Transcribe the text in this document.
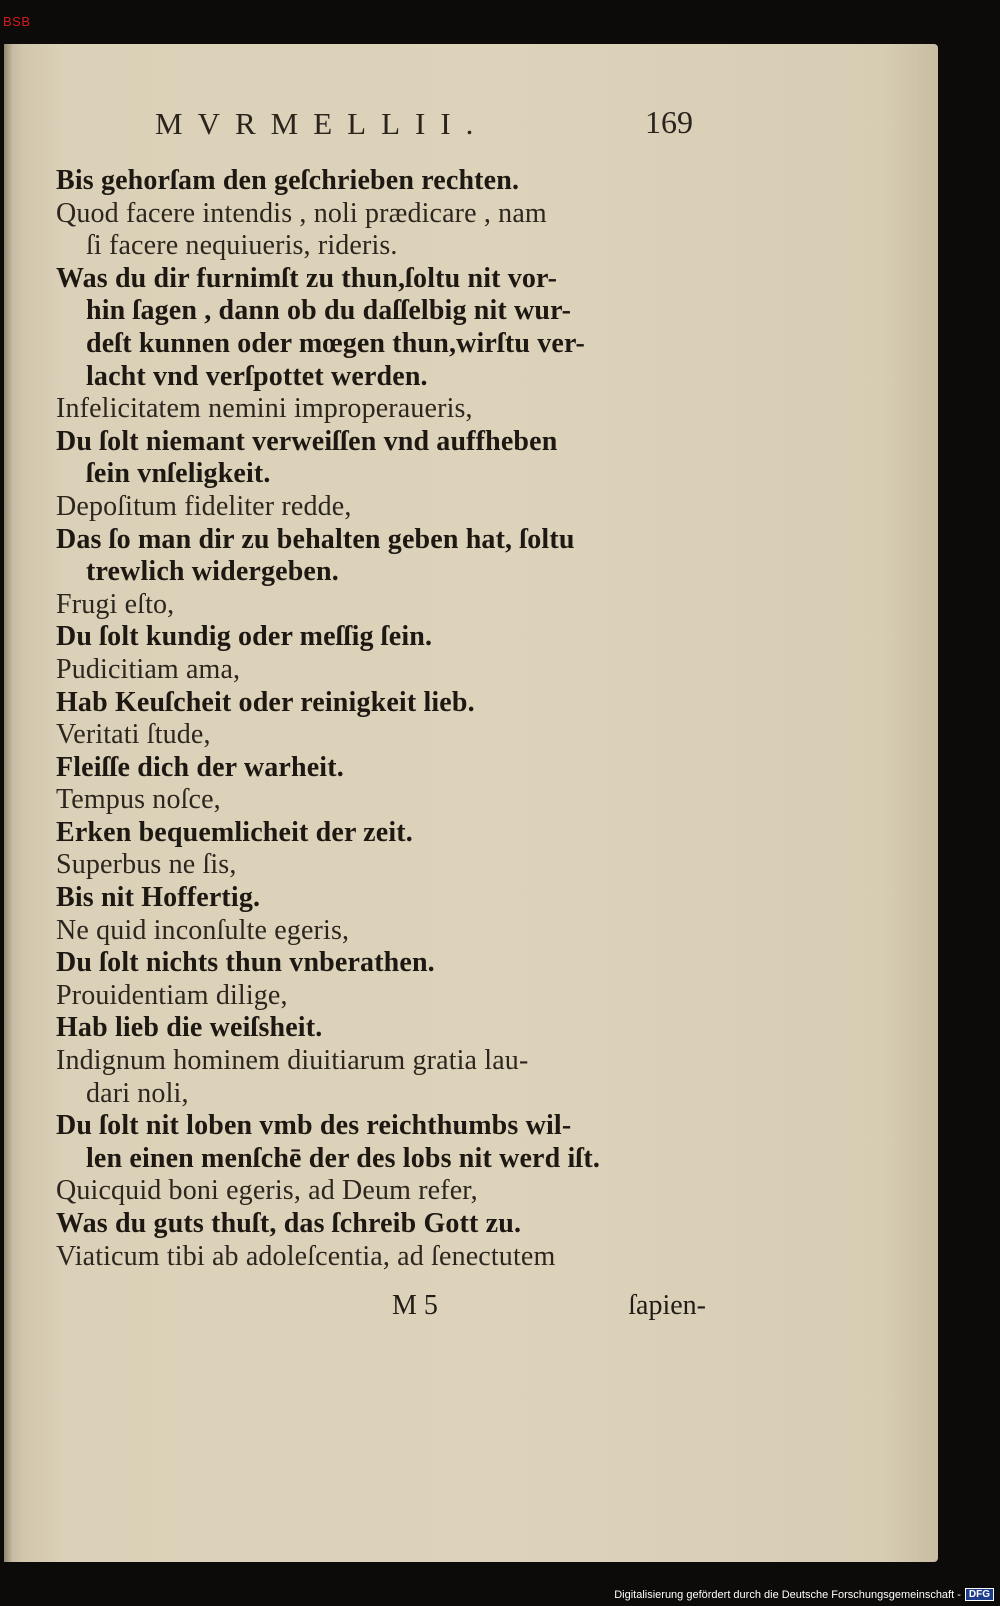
BSB
MVRMELLII.	169
Bis gehorſam den geſchrieben rechten.
Quod facere intendis , noli prædicare , nam
ſi facere nequiueris, rideris.
Was du dir furnimſt zu thun,ſoltu nit vor-
hin ſagen , dann ob du daſſelbig nit wur-
deſt kunnen oder mœgen thun,wirſtu ver-
lacht vnd verſpottet werden.
Infelicitatem nemini improperaueris,
Du ſolt niemant verweiſſen vnd auffheben
ſein vnſeligkeit.
Depoſitum fideliter redde,
Das ſo man dir zu behalten geben hat, ſoltu
trewlich widergeben.
Frugi eſto,
Du ſolt kundig oder meſſig ſein.
Pudicitiam ama,
Hab Keuſcheit oder reinigkeit lieb.
Veritati ſtude,
Fleiſſe dich der warheit.
Tempus noſce,
Erken bequemlicheit der zeit.
Superbus ne ſis,
Bis nit Hoffertig.
Ne quid inconſulte egeris,
Du ſolt nichts thun vnberathen.
Prouidentiam dilige,
Hab lieb die weiſsheit.
Indignum hominem diuitiarum gratia lau-
dari noli,
Du ſolt nit loben vmb des reichthumbs wil-
len einen menſchē der des lobs nit werd iſt.
Quicquid boni egeris, ad Deum refer,
Was du guts thuſt, das ſchreib Gott zu.
Viaticum tibi ab adoleſcentia, ad ſenectutem
M 5	ſapien-
Digitalisierung gefördert durch die Deutsche Forschungsgemeinschaft - DFG
